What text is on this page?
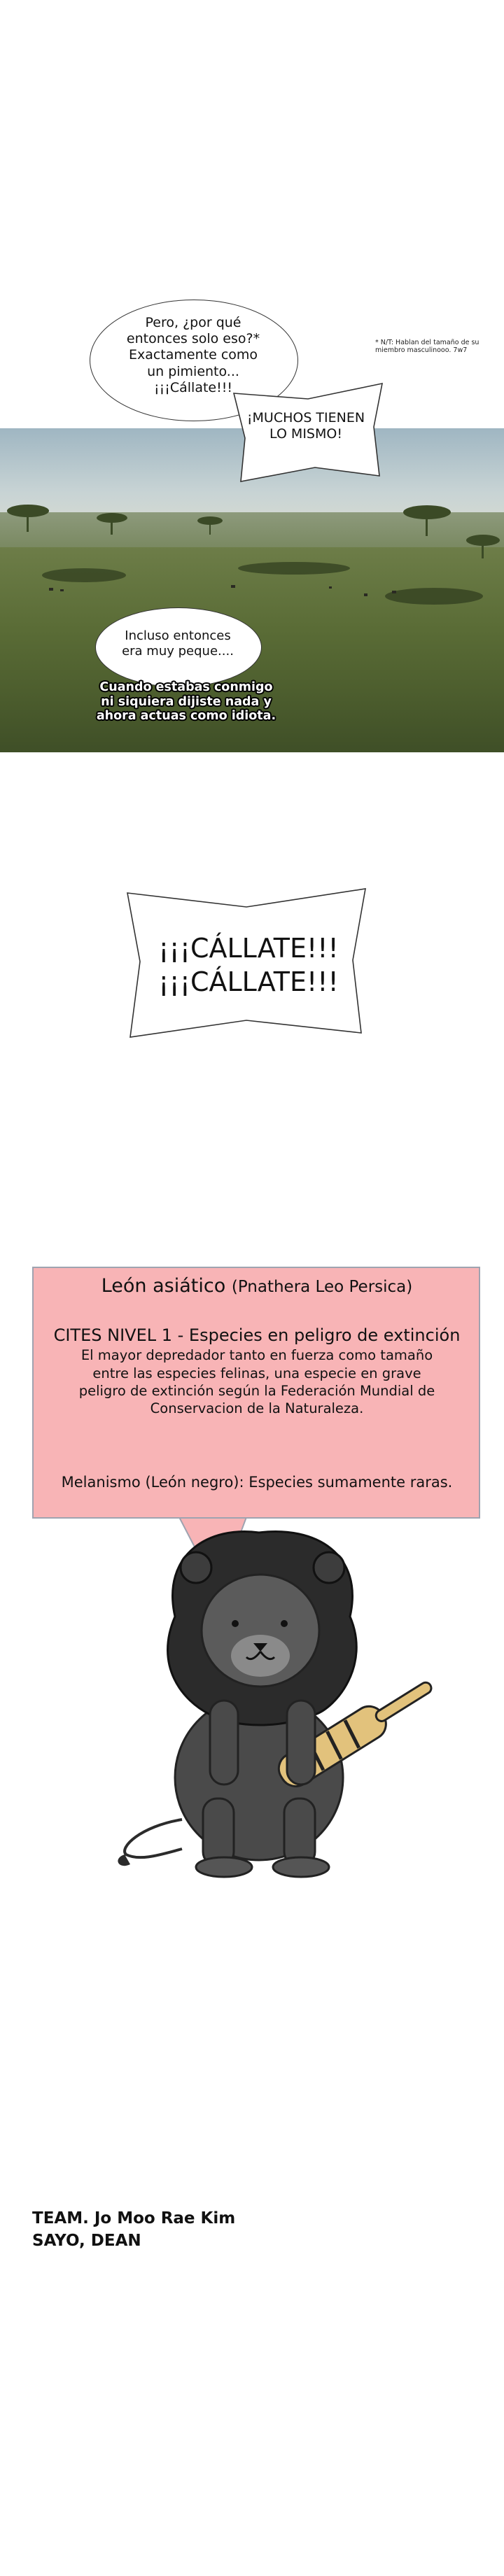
* N/T: Hablan del tamaño de su miembro masculinooo. 7w7
Pero, ¿por qué
entonces solo eso?*
Exactamente como
un pimiento...
¡¡¡Cállate!!!
¡MUCHOS TIENEN
LO MISMO!
Incluso entonces
era muy peque....
Cuando estabas conmigo
ni siquiera dijiste nada y
ahora actuas como idiota.
¡¡¡CÁLLATE!!!
¡¡¡CÁLLATE!!!
León asiático (Pnathera Leo Persica)
CITES NIVEL 1 - Especies en peligro de extinción
El mayor depredador tanto en fuerza como tamaño
entre las especies felinas, una especie en grave
peligro de extinción según la Federación Mundial de
Conservacion de la Naturaleza.
Melanismo (León negro): Especies sumamente raras.
TEAM. Jo Moo Rae Kim
SAYO, DEAN
